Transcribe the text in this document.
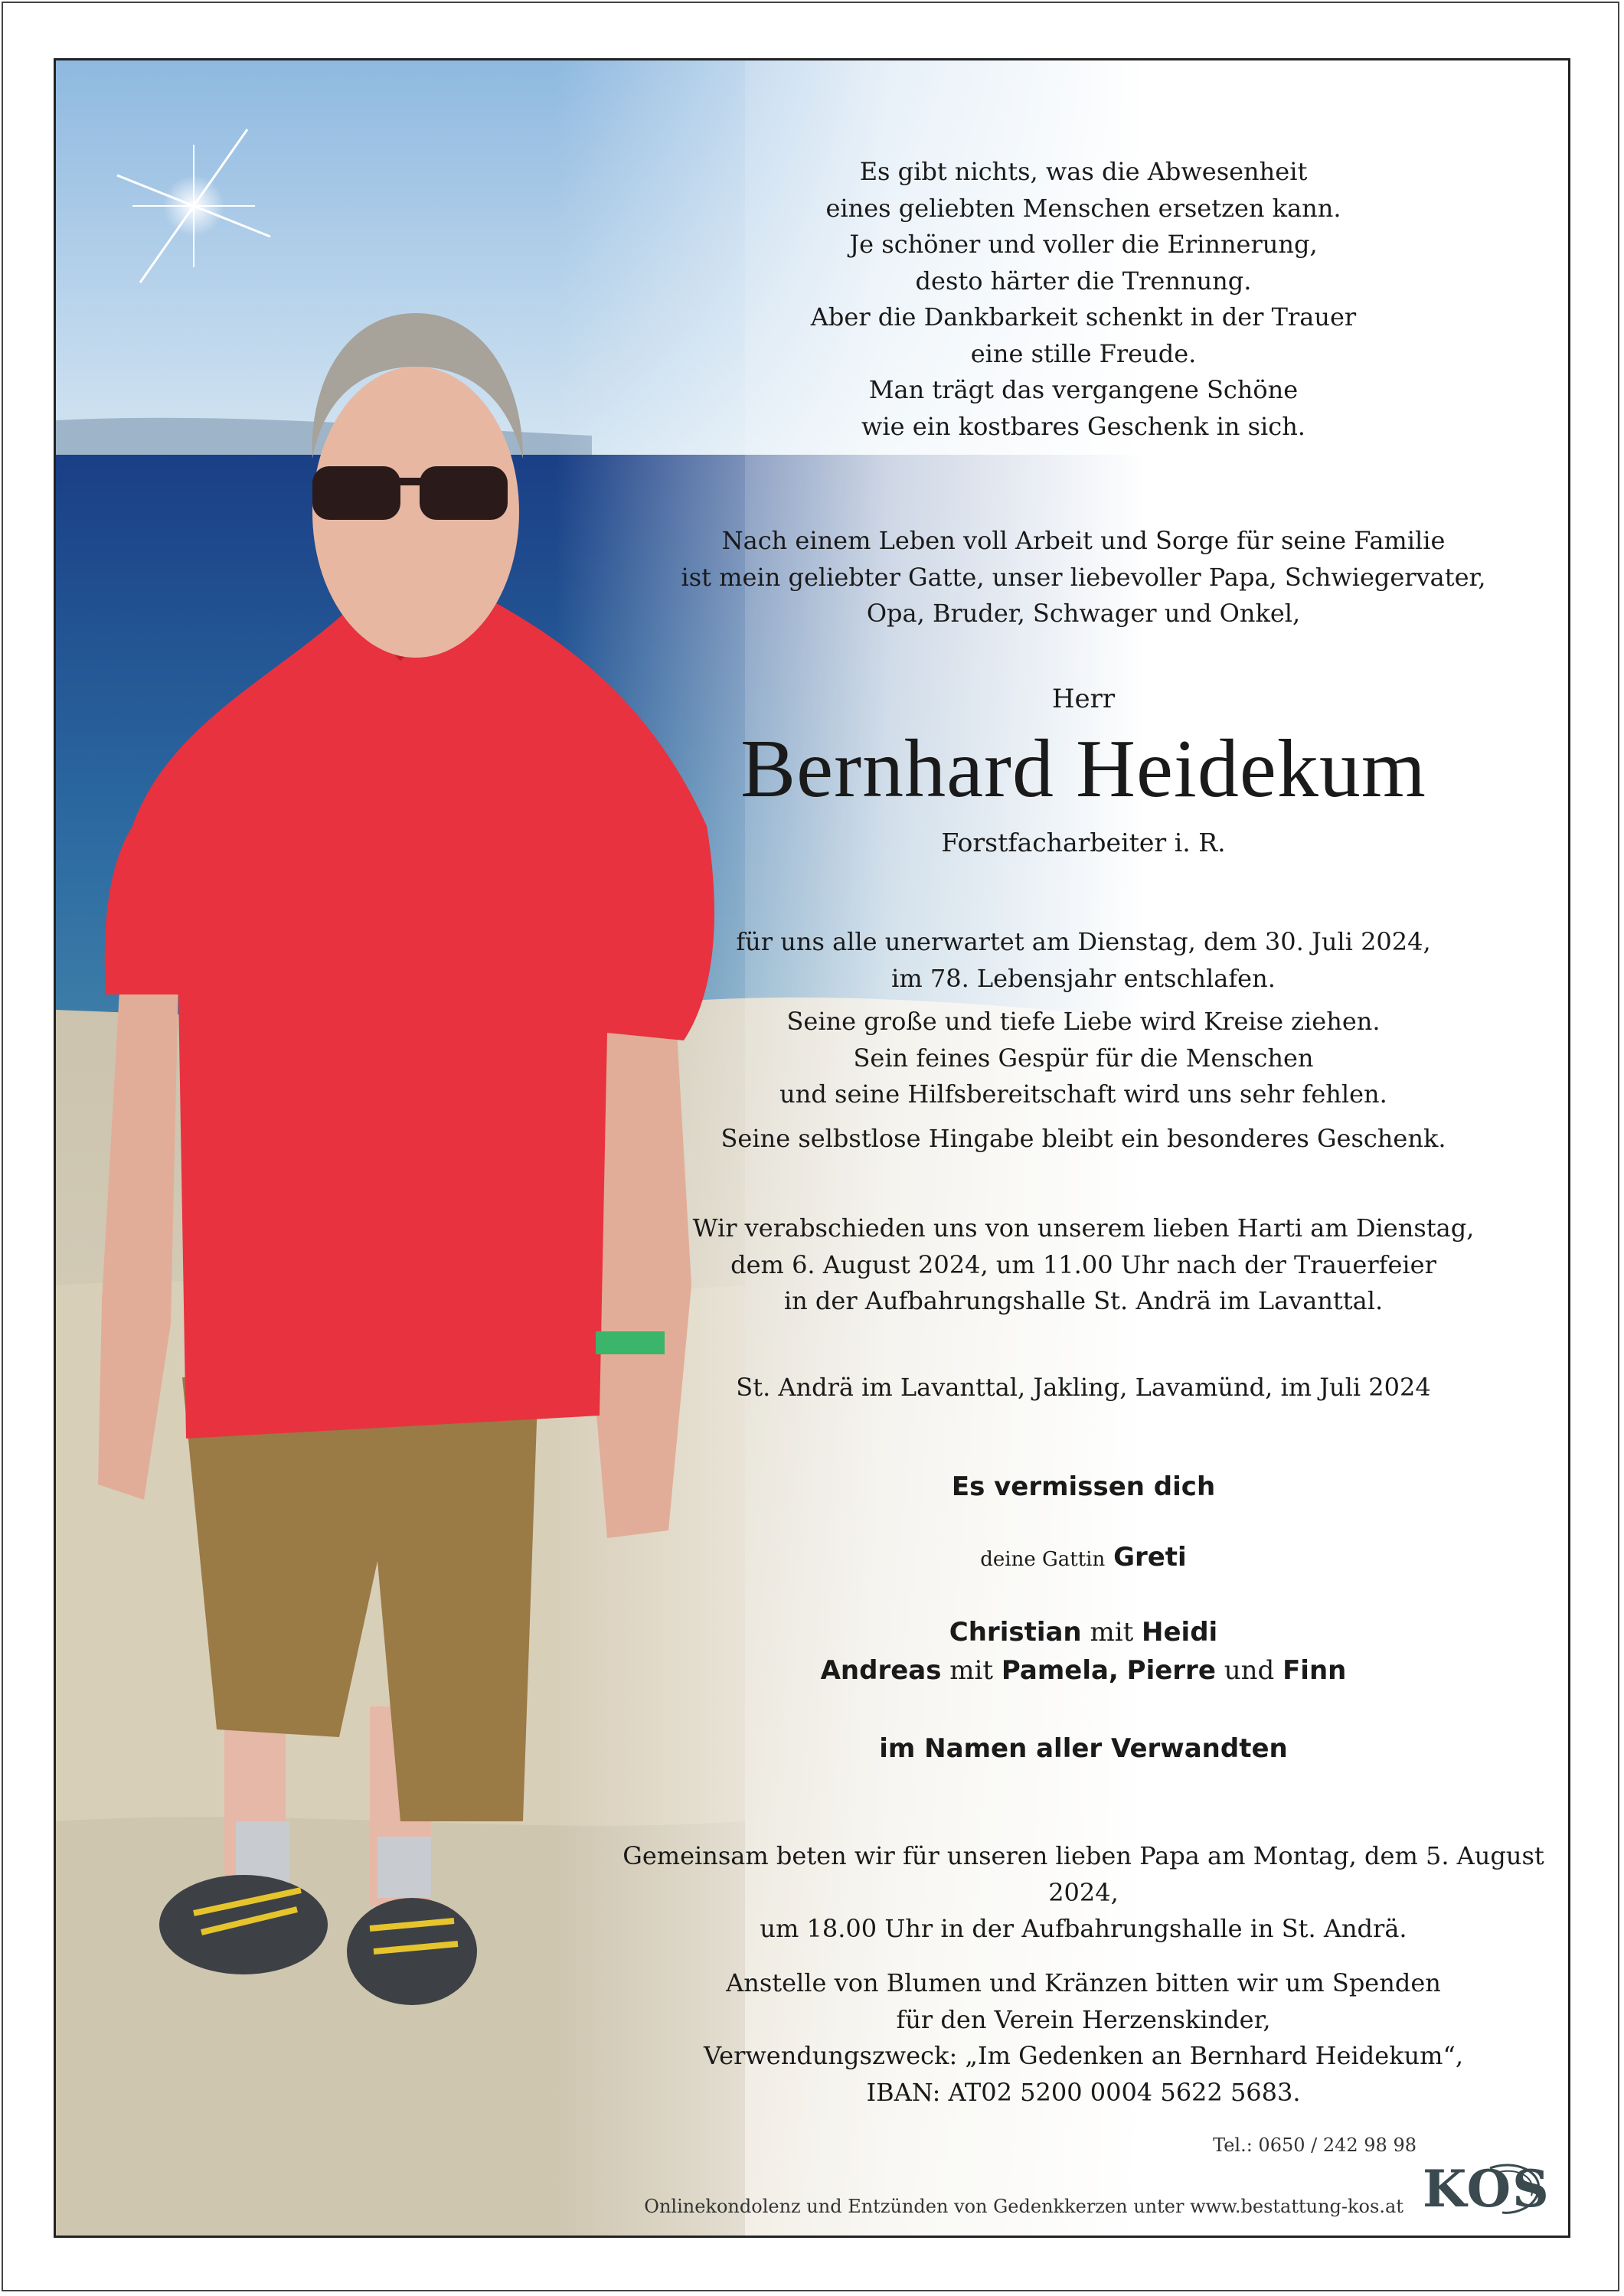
Es gibt nichts, was die Abwesenheit
eines geliebten Menschen ersetzen kann.
Je schöner und voller die Erinnerung,
desto härter die Trennung.
Aber die Dankbarkeit schenkt in der Trauer
eine stille Freude.
Man trägt das vergangene Schöne
wie ein kostbares Geschenk in sich.
Nach einem Leben voll Arbeit und Sorge für seine Familie
ist mein geliebter Gatte, unser liebevoller Papa, Schwiegervater,
Opa, Bruder, Schwager und Onkel,
Herr
Bernhard Heidekum
Forstfacharbeiter i. R.
für uns alle unerwartet am Dienstag, dem 30. Juli 2024,
im 78. Lebensjahr entschlafen.
Seine große und tiefe Liebe wird Kreise ziehen.
Sein feines Gespür für die Menschen
und seine Hilfsbereitschaft wird uns sehr fehlen.
Seine selbstlose Hingabe bleibt ein besonderes Geschenk.
Wir verabschieden uns von unserem lieben Harti am Dienstag,
dem 6. August 2024, um 11.00 Uhr nach der Trauerfeier
in der Aufbahrungshalle St. Andrä im Lavanttal.
St. Andrä im Lavanttal, Jakling, Lavamünd, im Juli 2024
Es vermissen dich
deine Gattin Greti
Christian mit Heidi
Andreas mit Pamela, Pierre und Finn
im Namen aller Verwandten
Gemeinsam beten wir für unseren lieben Papa am Montag, dem 5. August 2024,
um 18.00 Uhr in der Aufbahrungshalle in St. Andrä.
Anstelle von Blumen und Kränzen bitten wir um Spenden
für den Verein Herzenskinder,
Verwendungszweck: „Im Gedenken an Bernhard Heidekum“,
IBAN: AT02 5200 0004 5622 5683.
Tel.: 0650 / 242 98 98
Onlinekondolenz und Entzünden von Gedenkkerzen unter www.bestattung-kos.at KOS
